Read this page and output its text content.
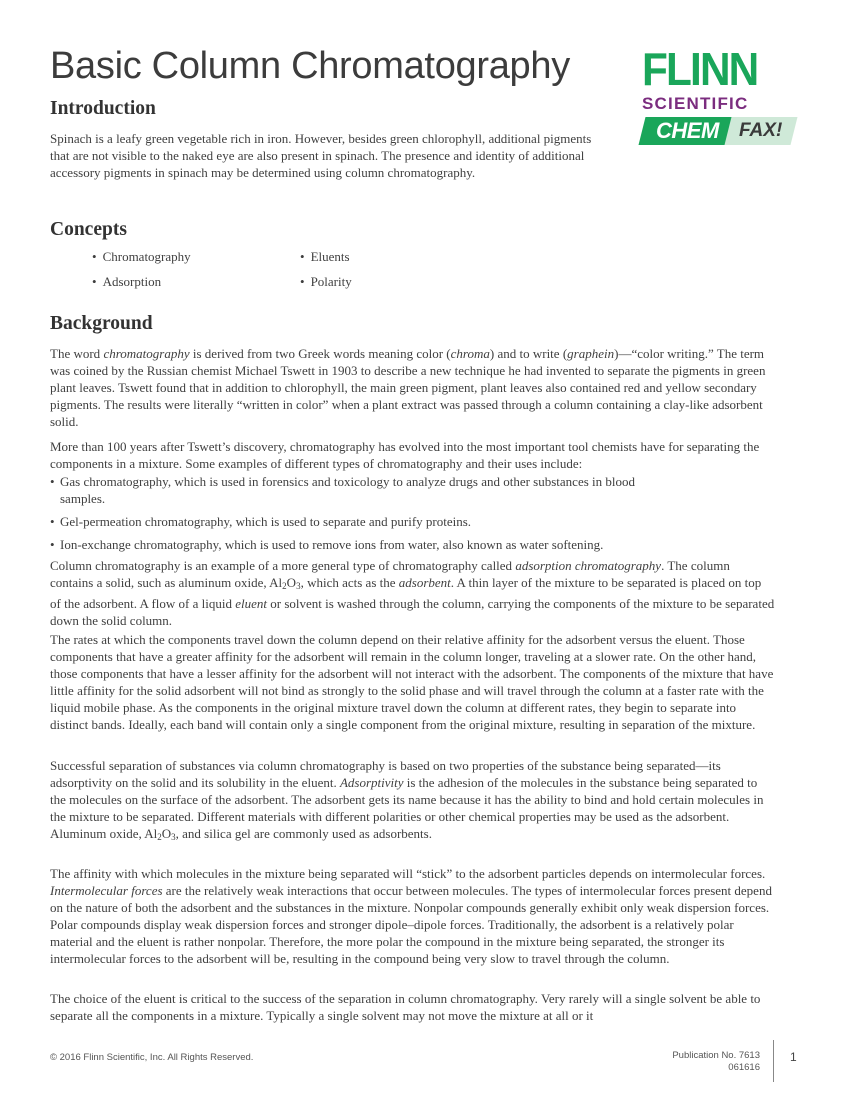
Basic Column Chromatography FLINN
SCIENTIFIC
CHEM FAX!
Introduction

Spinach is a leafy green vegetable rich in iron. However, besides green chlorophyll, additional pigments that are not visible to the naked eye are also present in spinach. The presence and identity of additional accessory pigments in spinach may be determined using column chromatography.

Concepts
• Chromatography
• Adsorption
• Eluents
• Polarity
Background

The word chromatography is derived from two Greek words meaning color (chroma) and to write (graphein)—“color writing.” The term was coined by the Russian chemist Michael Tswett in 1903 to describe a new technique he had invented to separate the pigments in green plant leaves. Tswett found that in addition to chlorophyll, the main green pigment, plant leaves also contained red and yellow secondary pigments. The results were literally “written in color” when a plant extract was passed through a column containing a clay-like adsorbent solid.

More than 100 years after Tswett’s discovery, chromatography has evolved into the most important tool chemists have for separating the components in a mixture. Some examples of different types of chromatography and their uses include:

• Gas chromatography, which is used in forensics and toxicology to analyze drugs and other substances in blood
samples.
• Gel-permeation chromatography, which is used to separate and purify proteins.
• Ion-exchange chromatography, which is used to remove ions from water, also known as water softening.

Column chromatography is an example of a more general type of chromatography called adsorption chromatography. The column contains a solid, such as aluminum oxide, $Al_2O_3$, which acts as the adsorbent. A thin layer of the mixture to be separated is placed on top of the adsorbent. A flow of a liquid eluent or solvent is washed through the column, carrying the components of the mixture to be separated down the solid column.

The rates at which the components travel down the column depend on their relative affinity for the adsorbent versus the eluent. Those components that have a greater affinity for the adsorbent will remain in the column longer, traveling at a slower rate. On the other hand, those components that have a lesser affinity for the adsorbent will not interact with the adsorbent. The components of the mixture that have little affinity for the solid adsorbent will not bind as strongly to the solid phase and will travel through the column at a faster rate with the liquid mobile phase. As the components in the original mixture travel down the column at different rates, they begin to separate into distinct bands. Ideally, each band will contain only a single component from the original mixture, resulting in separation of the mixture.

Successful separation of substances via column chromatography is based on two properties of the substance being separated—its adsorptivity on the solid and its solubility in the eluent. Adsorptivity is the adhesion of the molecules in the substance being separated to the molecules on the surface of the adsorbent. The adsorbent gets its name because it has the ability to bind and hold certain molecules in the mixture to be separated. Different materials with different polarities or other chemical properties may be used as the adsorbent. Aluminum oxide, $Al_2O_3$, and silica gel are commonly used as adsorbents.

The affinity with which molecules in the mixture being separated will “stick” to the adsorbent particles depends on intermolecular forces. Intermolecular forces are the relatively weak interactions that occur between molecules. The types of intermolecular forces present depend on the nature of both the adsorbent and the substances in the mixture. Nonpolar compounds generally exhibit only weak dispersion forces. Polar compounds display weak dispersion forces and stronger dipole–dipole forces. Traditionally, the adsorbent is a relatively polar material and the eluent is rather nonpolar. Therefore, the more polar the compound in the mixture being separated, the stronger its intermolecular forces to the adsorbent will be, resulting in the compound being very slow to travel through the column.

The choice of the eluent is critical to the success of the separation in column chromatography. Very rarely will a single solvent be able to separate all the components in a mixture. Typically a single solvent may not move the mixture at all or it

© 2016 Flinn Scientific, Inc. All Rights Reserved.	Publication No. 7613
061616
1
